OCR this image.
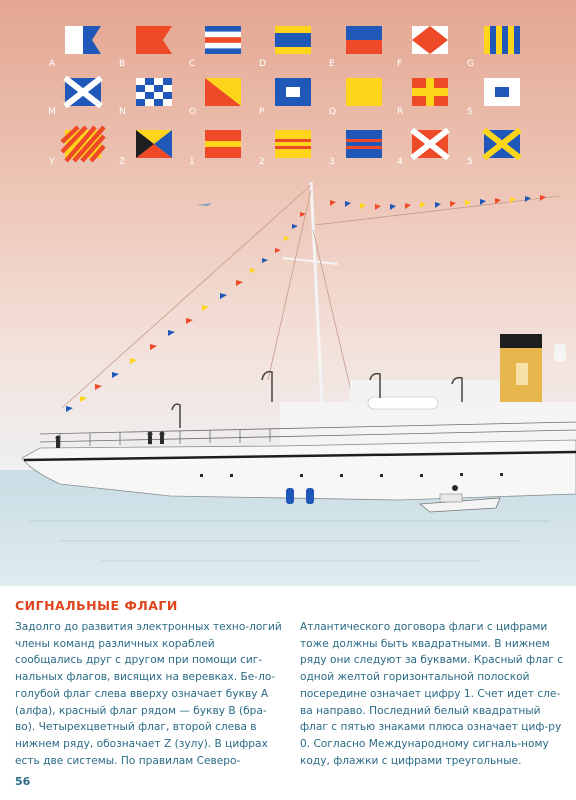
A	B	C	D	E	F	G
M	N	O	P	Q	R	S
Y	Z	1	2	3	4	5
СИГНАЛЬНЫЕ ФЛАГИ

Задолго до развития электронных техно-логий члены команд различных кораблей сообщались друг с другом при помощи сиг-нальных флагов, висящих на веревках. Бе-ло-голубой флаг слева вверху означает букву А (алфа), красный флаг рядом — букву В (бра-во). Четырехцветный флаг, второй слева в нижнем ряду, обозначает Z (зулу). В цифрах есть две системы. По правилам Северо-

Атлантического договора флаги с цифрами тоже должны быть квадратными. В нижнем ряду они следуют за буквами. Красный флаг с одной желтой горизонтальной полоской посередине означает цифру 1. Счет идет сле-ва направо. Последний белый квадратный флаг с пятью знаками плюса означает циф-ру 0. Согласно Международному сигналь-ному коду, флажки с цифрами треугольные.

56
